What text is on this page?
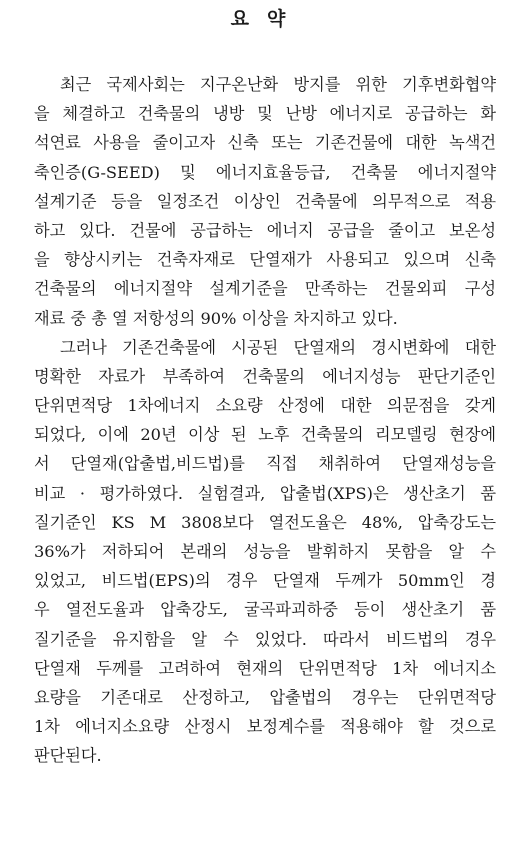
요 약
최근 국제사회는 지구온난화 방지를 위한 기후변화협약
을 체결하고 건축물의 냉방 및 난방 에너지로 공급하는 화
석연료 사용을 줄이고자 신축 또는 기존건물에 대한 녹색건
축인증(G-SEED) 및 에너지효율등급, 건축물 에너지절약
설계기준 등을 일정조건 이상인 건축물에 의무적으로 적용
하고 있다. 건물에 공급하는 에너지 공급을 줄이고 보온성
을 향상시키는 건축자재로 단열재가 사용되고 있으며 신축
건축물의 에너지절약 설계기준을 만족하는 건물외피 구성
재료 중 총 열 저항성의 90% 이상을 차지하고 있다.
그러나 기존건축물에 시공된 단열재의 경시변화에 대한
명확한 자료가 부족하여 건축물의 에너지성능 판단기준인
단위면적당 1차에너지 소요량 산정에 대한 의문점을 갖게
되었다, 이에 20년 이상 된 노후 건축물의 리모델링 현장에
서 단열재(압출법,비드법)를 직접 채취하여 단열재성능을
비교 · 평가하였다. 실험결과, 압출법(XPS)은 생산초기 품
질기준인 KS M 3808보다 열전도율은 48%, 압축강도는
36%가 저하되어 본래의 성능을 발휘하지 못함을 알 수
있었고, 비드법(EPS)의 경우 단열재 두께가 50mm인 경
우 열전도율과 압축강도, 굴곡파괴하중 등이 생산초기 품
질기준을 유지함을 알 수 있었다. 따라서 비드법의 경우
단열재 두께를 고려하여 현재의 단위면적당 1차 에너지소
요량을 기존대로 산정하고, 압출법의 경우는 단위면적당
1차 에너지소요량 산정시 보정계수를 적용해야 할 것으로
판단된다.
